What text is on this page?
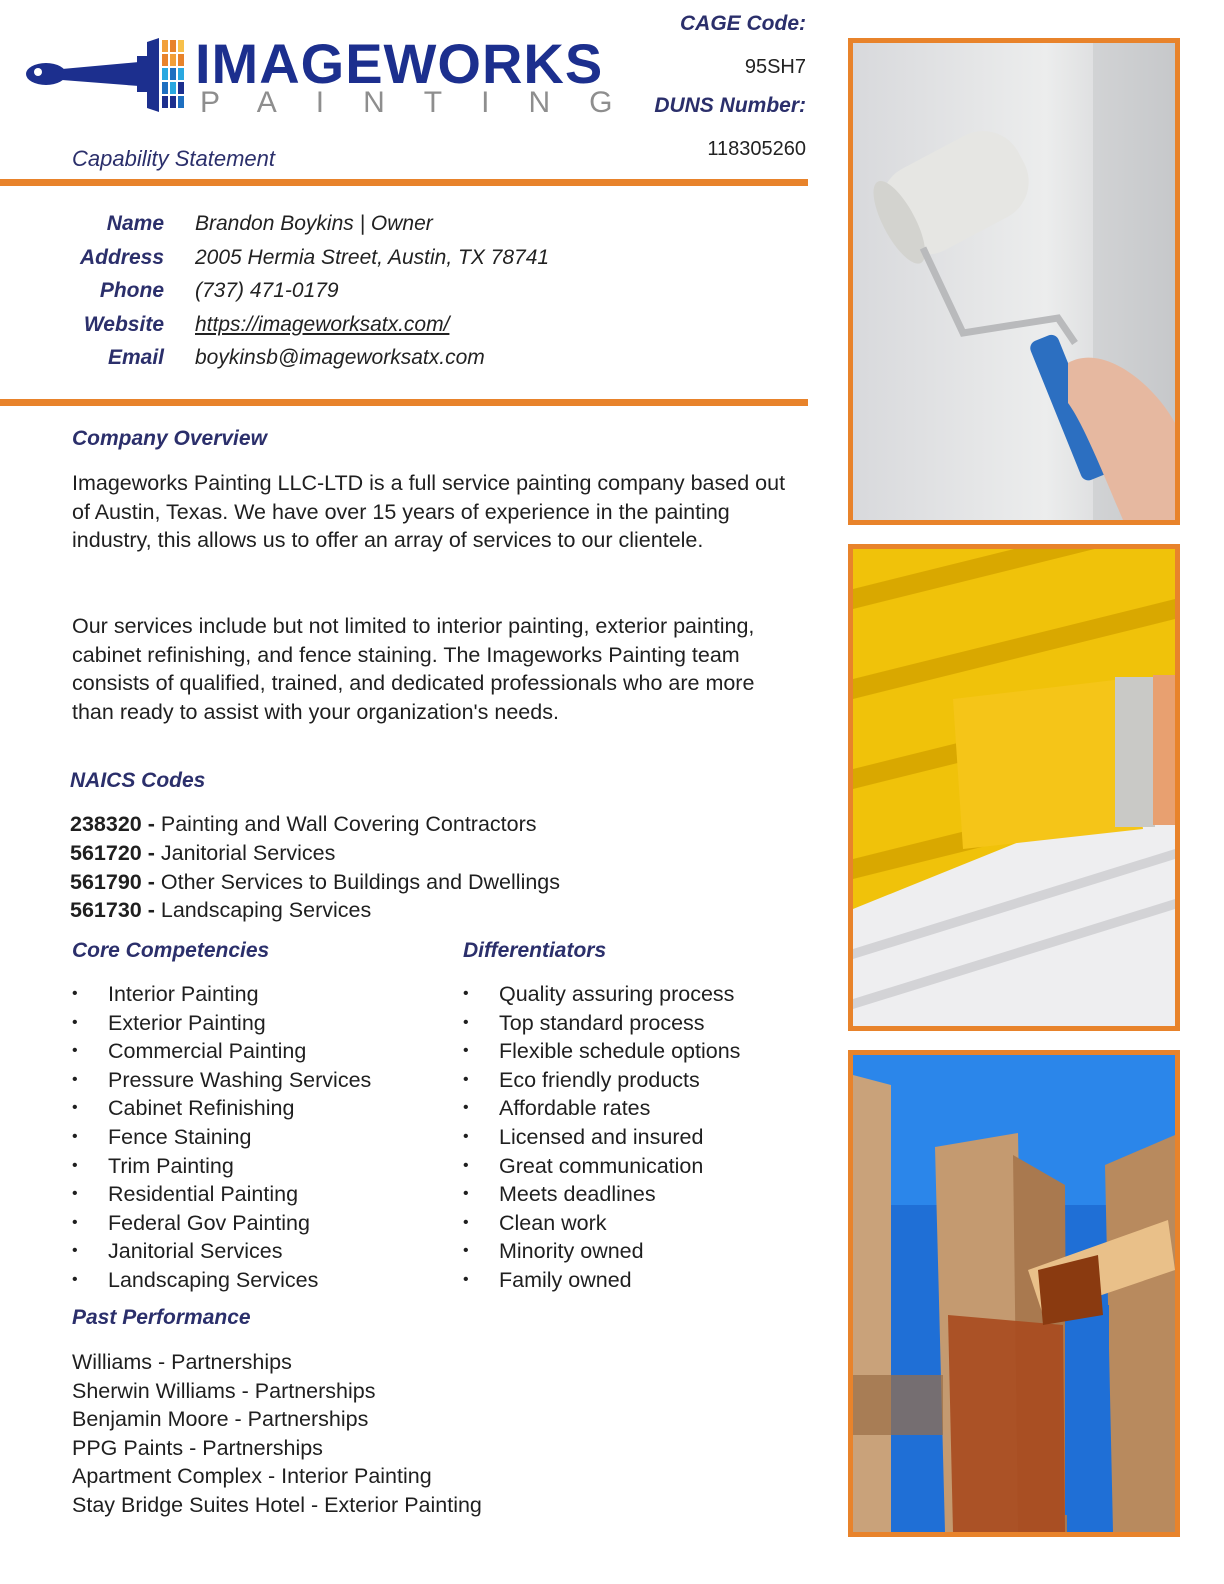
IMAGEWORKS
PAINTING
Capability Statement
CAGE Code:
95SH7
DUNS Number:
118305260
Name Brandon Boykins | Owner
Address 2005 Hermia Street, Austin, TX 78741
Phone (737) 471-0179
Website https://imageworksatx.com/
Email boykinsb@imageworksatx.com
Company Overview
Imageworks Painting LLC-LTD is a full service painting company based out of Austin, Texas. We have over 15 years of experience in the painting industry, this allows us to offer an array of services to our clientele.
Our services include but not limited to interior painting, exterior painting, cabinet refinishing, and fence staining. The Imageworks Painting team consists of qualified, trained, and dedicated professionals who are more than ready to assist with your organization's needs.
NAICS Codes
238320 - Painting and Wall Covering Contractors
561720 - Janitorial Services
561790 - Other Services to Buildings and Dwellings
561730 - Landscaping Services
Core Competencies
• Interior Painting
• Exterior Painting
• Commercial Painting
• Pressure Washing Services
• Cabinet Refinishing
• Fence Staining
• Trim Painting
• Residential Painting
• Federal Gov Painting
• Janitorial Services
• Landscaping Services
Differentiators
• Quality assuring process
• Top standard process
• Flexible schedule options
• Eco friendly products
• Affordable rates
• Licensed and insured
• Great communication
• Meets deadlines
• Clean work
• Minority owned
• Family owned
Past Performance
Williams - Partnerships
Sherwin Williams - Partnerships
Benjamin Moore - Partnerships
PPG Paints - Partnerships
Apartment Complex - Interior Painting
Stay Bridge Suites Hotel - Exterior Painting
